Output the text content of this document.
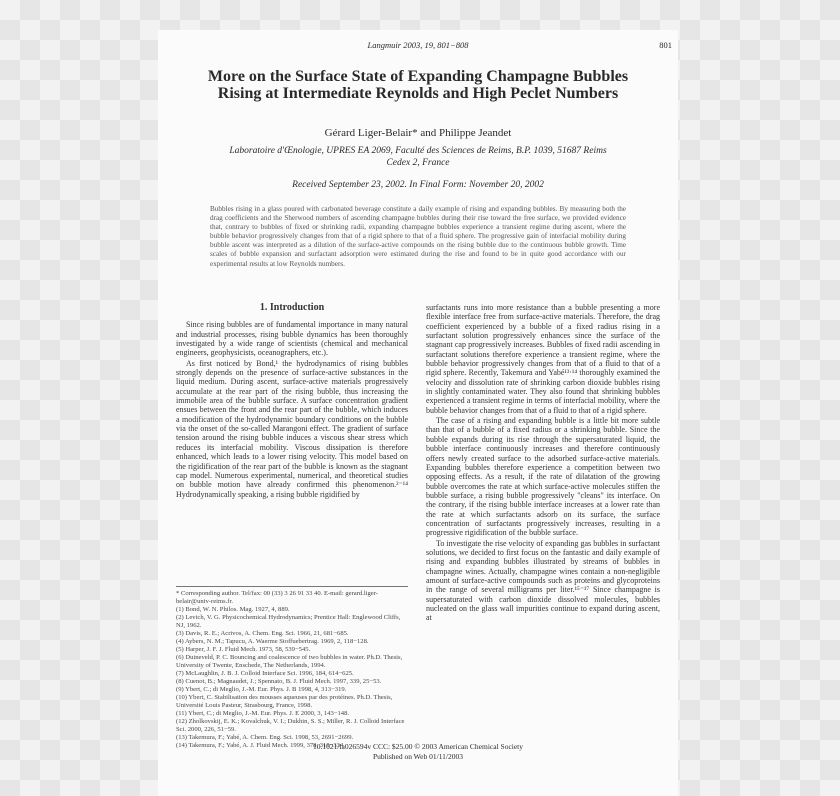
Langmuir 2003, 19, 801−808	801
More on the Surface State of Expanding Champagne Bubbles Rising at Intermediate Reynolds and High Peclet Numbers
Gérard Liger-Belair* and Philippe Jeandet
Laboratoire d'Œnologie, UPRES EA 2069, Faculté des Sciences de Reims, B.P. 1039, 51687 Reims Cedex 2, France
Received September 23, 2002. In Final Form: November 20, 2002
Bubbles rising in a glass poured with carbonated beverage constitute a daily example of rising and expanding bubbles. By measuring both the drag coefficients and the Sherwood numbers of ascending champagne bubbles during their rise toward the free surface, we provided evidence that, contrary to bubbles of fixed or shrinking radii, expanding champagne bubbles experience a transient regime during ascent, where the bubble behavior progressively changes from that of a rigid sphere to that of a fluid sphere. The progressive gain of interfacial mobility during bubble ascent was interpreted as a dilution of the surface-active compounds on the rising bubble due to the continuous bubble growth. Time scales of bubble expansion and surfactant adsorption were estimated during the rise and found to be in quite good accordance with our experimental results at low Reynolds numbers.
1. Introduction

Since rising bubbles are of fundamental importance in many natural and industrial processes, rising bubble dynamics has been thoroughly investigated by a wide range of scientists (chemical and mechanical engineers, geophysicists, oceanographers, etc.).

As first noticed by Bond,¹ the hydrodynamics of rising bubbles strongly depends on the presence of surface-active substances in the liquid medium. During ascent, surface-active materials progressively accumulate at the rear part of the rising bubble, thus increasing the immobile area of the bubble surface. A surface concentration gradient ensues between the front and the rear part of the bubble, which induces a modification of the hydrodynamic boundary conditions on the bubble via the onset of the so-called Marangoni effect. The gradient of surface tension around the rising bubble induces a viscous shear stress which reduces its interfacial mobility. Viscous dissipation is therefore enhanced, which leads to a lower rising velocity. This model based on the rigidification of the rear part of the bubble is known as the stagnant cap model. Numerous experimental, numerical, and theoretical studies on bubble motion have already confirmed this phenomenon.²⁻¹⁴ Hydrodynamically speaking, a rising bubble rigidified by

* Corresponding author. Tel/fax: 00 (33) 3 26 91 33 40. E-mail: gerard.liger-belair@univ-reims.fr.
(1) Bond, W. N. Philos. Mag. 1927, 4, 889.
(2) Levich, V. G. Physicochemical Hydrodynamics; Prentice Hall: Englewood Cliffs, NJ, 1962.
(3) Davis, R. E.; Acrivos, A. Chem. Eng. Sci. 1966, 21, 681−685.
(4) Aybers, N. M.; Tapucu, A. Waerme Stoffuebertrag. 1969, 2, 118−128.
(5) Harper, J. F. J. Fluid Mech. 1973, 58, 539−545.
(6) Duineveld, P. C. Bouncing and coalescence of two bubbles in water. Ph.D. Thesis, University of Twente, Enschede, The Netherlands, 1994.
(7) McLaughlin, J. B. J. Colloid Interface Sci. 1996, 184, 614−625.
(8) Cuenot, B.; Magnaudet, J.; Spennato, B. J. Fluid Mech. 1997, 339, 25−53.
(9) Ybert, C.; di Meglio, J.-M. Eur. Phys. J. B 1998, 4, 313−319.
(10) Ybert, C. Stabilisation des mousses aqueuses par des protéines. Ph.D. Thesis, Université Louis Pasteur, Strasbourg, France, 1998.
(11) Ybert, C.; di Meglio, J.-M. Eur. Phys. J. E 2000, 3, 143−148.
(12) Zholkovskij, E. K.; Kovalchuk, V. I.; Dukhin, S. S.; Miller, R. J. Colloid Interface Sci. 2000, 226, 51−59.
(13) Takemura, F.; Yabé, A. Chem. Eng. Sci. 1998, 53, 2691−2699.
(14) Takemura, F.; Yabé, A. J. Fluid Mech. 1999, 378, 319−334.

surfactants runs into more resistance than a bubble presenting a more flexible interface free from surface-active materials. Therefore, the drag coefficient experienced by a bubble of a fixed radius rising in a surfactant solution progressively enhances since the surface of the stagnant cap progressively increases. Bubbles of fixed radii ascending in surfactant solutions therefore experience a transient regime, where the bubble behavior progressively changes from that of a fluid to that of a rigid sphere. Recently, Takemura and Yabé¹³·¹⁴ thoroughly examined the velocity and dissolution rate of shrinking carbon dioxide bubbles rising in slightly contaminated water. They also found that shrinking bubbles experienced a transient regime in terms of interfacial mobility, where the bubble behavior changes from that of a fluid to that of a rigid sphere.

The case of a rising and expanding bubble is a little bit more subtle than that of a bubble of a fixed radius or a shrinking bubble. Since the bubble expands during its rise through the supersaturated liquid, the bubble interface continuously increases and therefore continuously offers newly created surface to the adsorbed surface-active materials. Expanding bubbles therefore experience a competition between two opposing effects. As a result, if the rate of dilatation of the growing bubble overcomes the rate at which surface-active molecules stiffen the bubble surface, a rising bubble progressively "cleans" its interface. On the contrary, if the rising bubble interface increases at a lower rate than the rate at which surfactants adsorb on its surface, the surface concentration of surfactants progressively increases, resulting in a progressive rigidification of the bubble surface.

To investigate the rise velocity of expanding gas bubbles in surfactant solutions, we decided to first focus on the fantastic and daily example of rising and expanding bubbles illustrated by streams of bubbles in champagne wines. Actually, champagne wines contain a non-negligible amount of surface-active compounds such as proteins and glycoproteins in the range of several milligrams per liter.¹⁵⁻¹⁷ Since champagne is supersaturated with carbon dioxide dissolved molecules, bubbles nucleated on the glass wall impurities continue to expand during ascent, at

10.1021/la026594v CCC: $25.00 © 2003 American Chemical Society
Published on Web 01/11/2003
